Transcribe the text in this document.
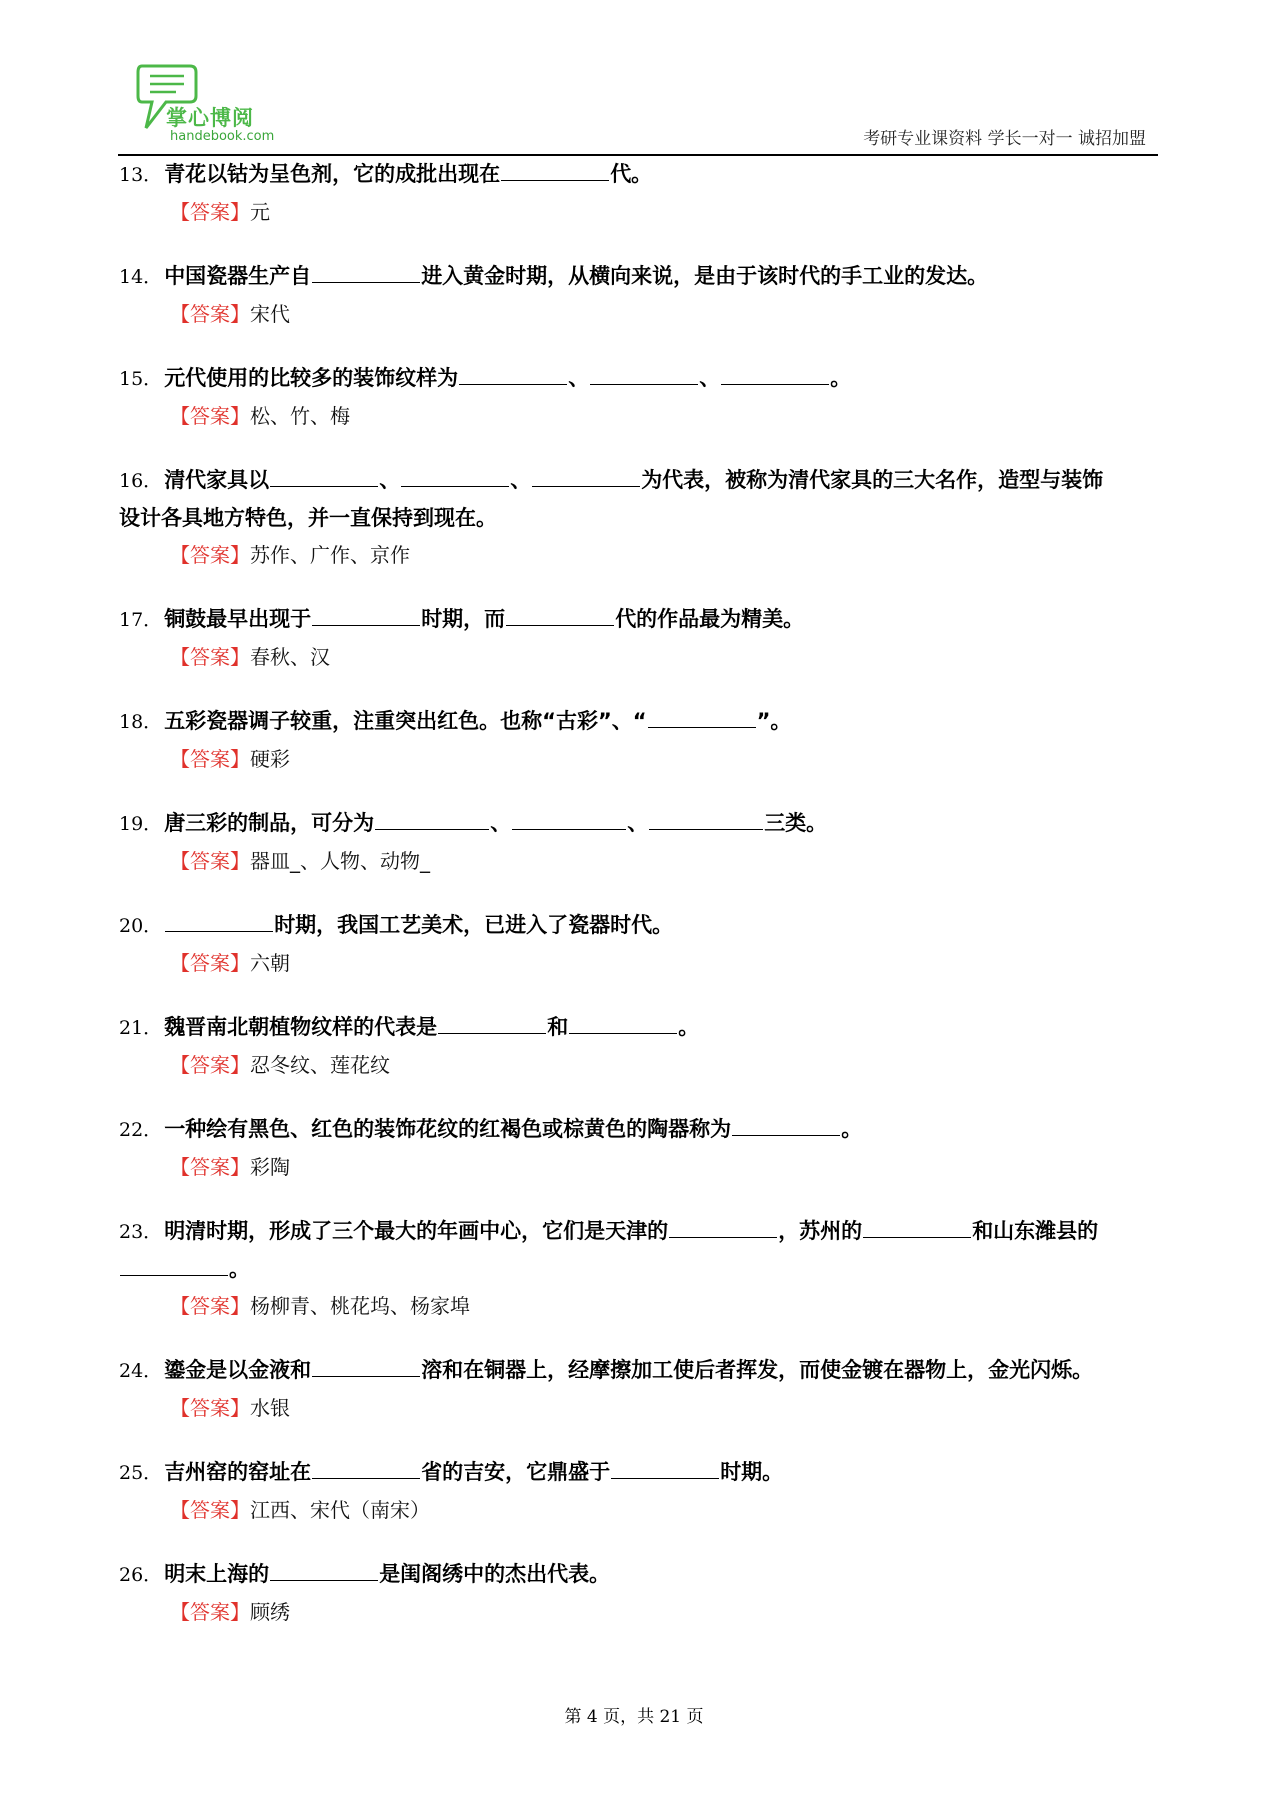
掌心博阅
handebook.com	考研专业课资料 学长一对一 诚招加盟
13．青花以钴为呈色剂，它的成批出现在	代。
【答案】元
14．中国瓷器生产自	进入黄金时期，从横向来说，是由于该时代的手工业的发达。
【答案】宋代
15．元代使用的比较多的装饰纹样为	、	、	。
【答案】松、竹、梅
16．清代家具以	、	、	为代表，被称为清代家具的三大名作，造型与装饰
设计各具地方特色，并一直保持到现在。
【答案】苏作、广作、京作
17．铜鼓最早出现于	时期，而	代的作品最为精美。
【答案】春秋、汉
18．五彩瓷器调子较重，注重突出红色。也称“古彩”、“	”。
【答案】硬彩
19．唐三彩的制品，可分为	、	、	三类。
【答案】器皿_、人物、动物_
20．	时期，我国工艺美术，已进入了瓷器时代。
【答案】六朝
21．魏晋南北朝植物纹样的代表是	和	。
【答案】忍冬纹、莲花纹
22．一种绘有黑色、红色的装饰花纹的红褐色或棕黄色的陶器称为	。
【答案】彩陶
23．明清时期，形成了三个最大的年画中心，它们是天津的	，苏州的	和山东潍县的
。
【答案】杨柳青、桃花坞、杨家埠
24．鎏金是以金液和	溶和在铜器上，经摩擦加工使后者挥发，而使金镀在器物上，金光闪烁。
【答案】水银
25．吉州窑的窑址在	省的吉安，它鼎盛于	时期。
【答案】江西、宋代（南宋）
26．明末上海的	是闺阁绣中的杰出代表。
【答案】顾绣
第 4 页，共 21 页
